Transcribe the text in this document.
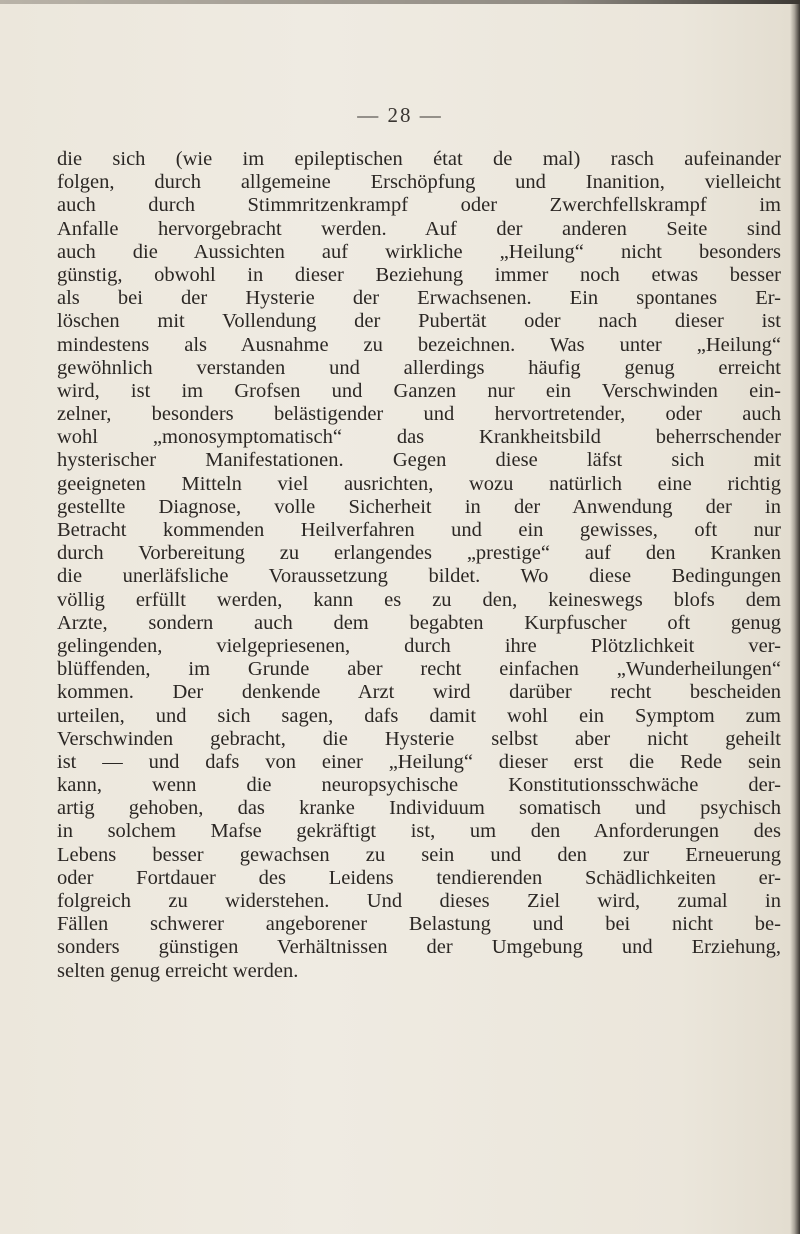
— 28 —
die sich (wie im epileptischen état de mal) rasch aufeinander
folgen, durch allgemeine Erschöpfung und Inanition, vielleicht
auch durch Stimmritzenkrampf oder Zwerchfellskrampf im
Anfalle hervorgebracht werden. Auf der anderen Seite sind
auch die Aussichten auf wirkliche „Heilung“ nicht besonders
günstig, obwohl in dieser Beziehung immer noch etwas besser
als bei der Hysterie der Erwachsenen. Ein spontanes Er-
löschen mit Vollendung der Pubertät oder nach dieser ist
mindestens als Ausnahme zu bezeichnen. Was unter „Heilung“
gewöhnlich verstanden und allerdings häufig genug erreicht
wird, ist im Grofsen und Ganzen nur ein Verschwinden ein-
zelner, besonders belästigender und hervortretender, oder auch
wohl „monosymptomatisch“ das Krankheitsbild beherrschender
hysterischer Manifestationen. Gegen diese läfst sich mit
geeigneten Mitteln viel ausrichten, wozu natürlich eine richtig
gestellte Diagnose, volle Sicherheit in der Anwendung der in
Betracht kommenden Heilverfahren und ein gewisses, oft nur
durch Vorbereitung zu erlangendes „prestige“ auf den Kranken
die unerläfsliche Voraussetzung bildet. Wo diese Bedingungen
völlig erfüllt werden, kann es zu den, keineswegs blofs dem
Arzte, sondern auch dem begabten Kurpfuscher oft genug
gelingenden, vielgepriesenen, durch ihre Plötzlichkeit ver-
blüffenden, im Grunde aber recht einfachen „Wunderheilungen“
kommen. Der denkende Arzt wird darüber recht bescheiden
urteilen, und sich sagen, dafs damit wohl ein Symptom zum
Verschwinden gebracht, die Hysterie selbst aber nicht geheilt
ist — und dafs von einer „Heilung“ dieser erst die Rede sein
kann, wenn die neuropsychische Konstitutionsschwäche der-
artig gehoben, das kranke Individuum somatisch und psychisch
in solchem Mafse gekräftigt ist, um den Anforderungen des
Lebens besser gewachsen zu sein und den zur Erneuerung
oder Fortdauer des Leidens tendierenden Schädlichkeiten er-
folgreich zu widerstehen. Und dieses Ziel wird, zumal in
Fällen schwerer angeborener Belastung und bei nicht be-
sonders günstigen Verhältnissen der Umgebung und Erziehung,
selten genug erreicht werden.
